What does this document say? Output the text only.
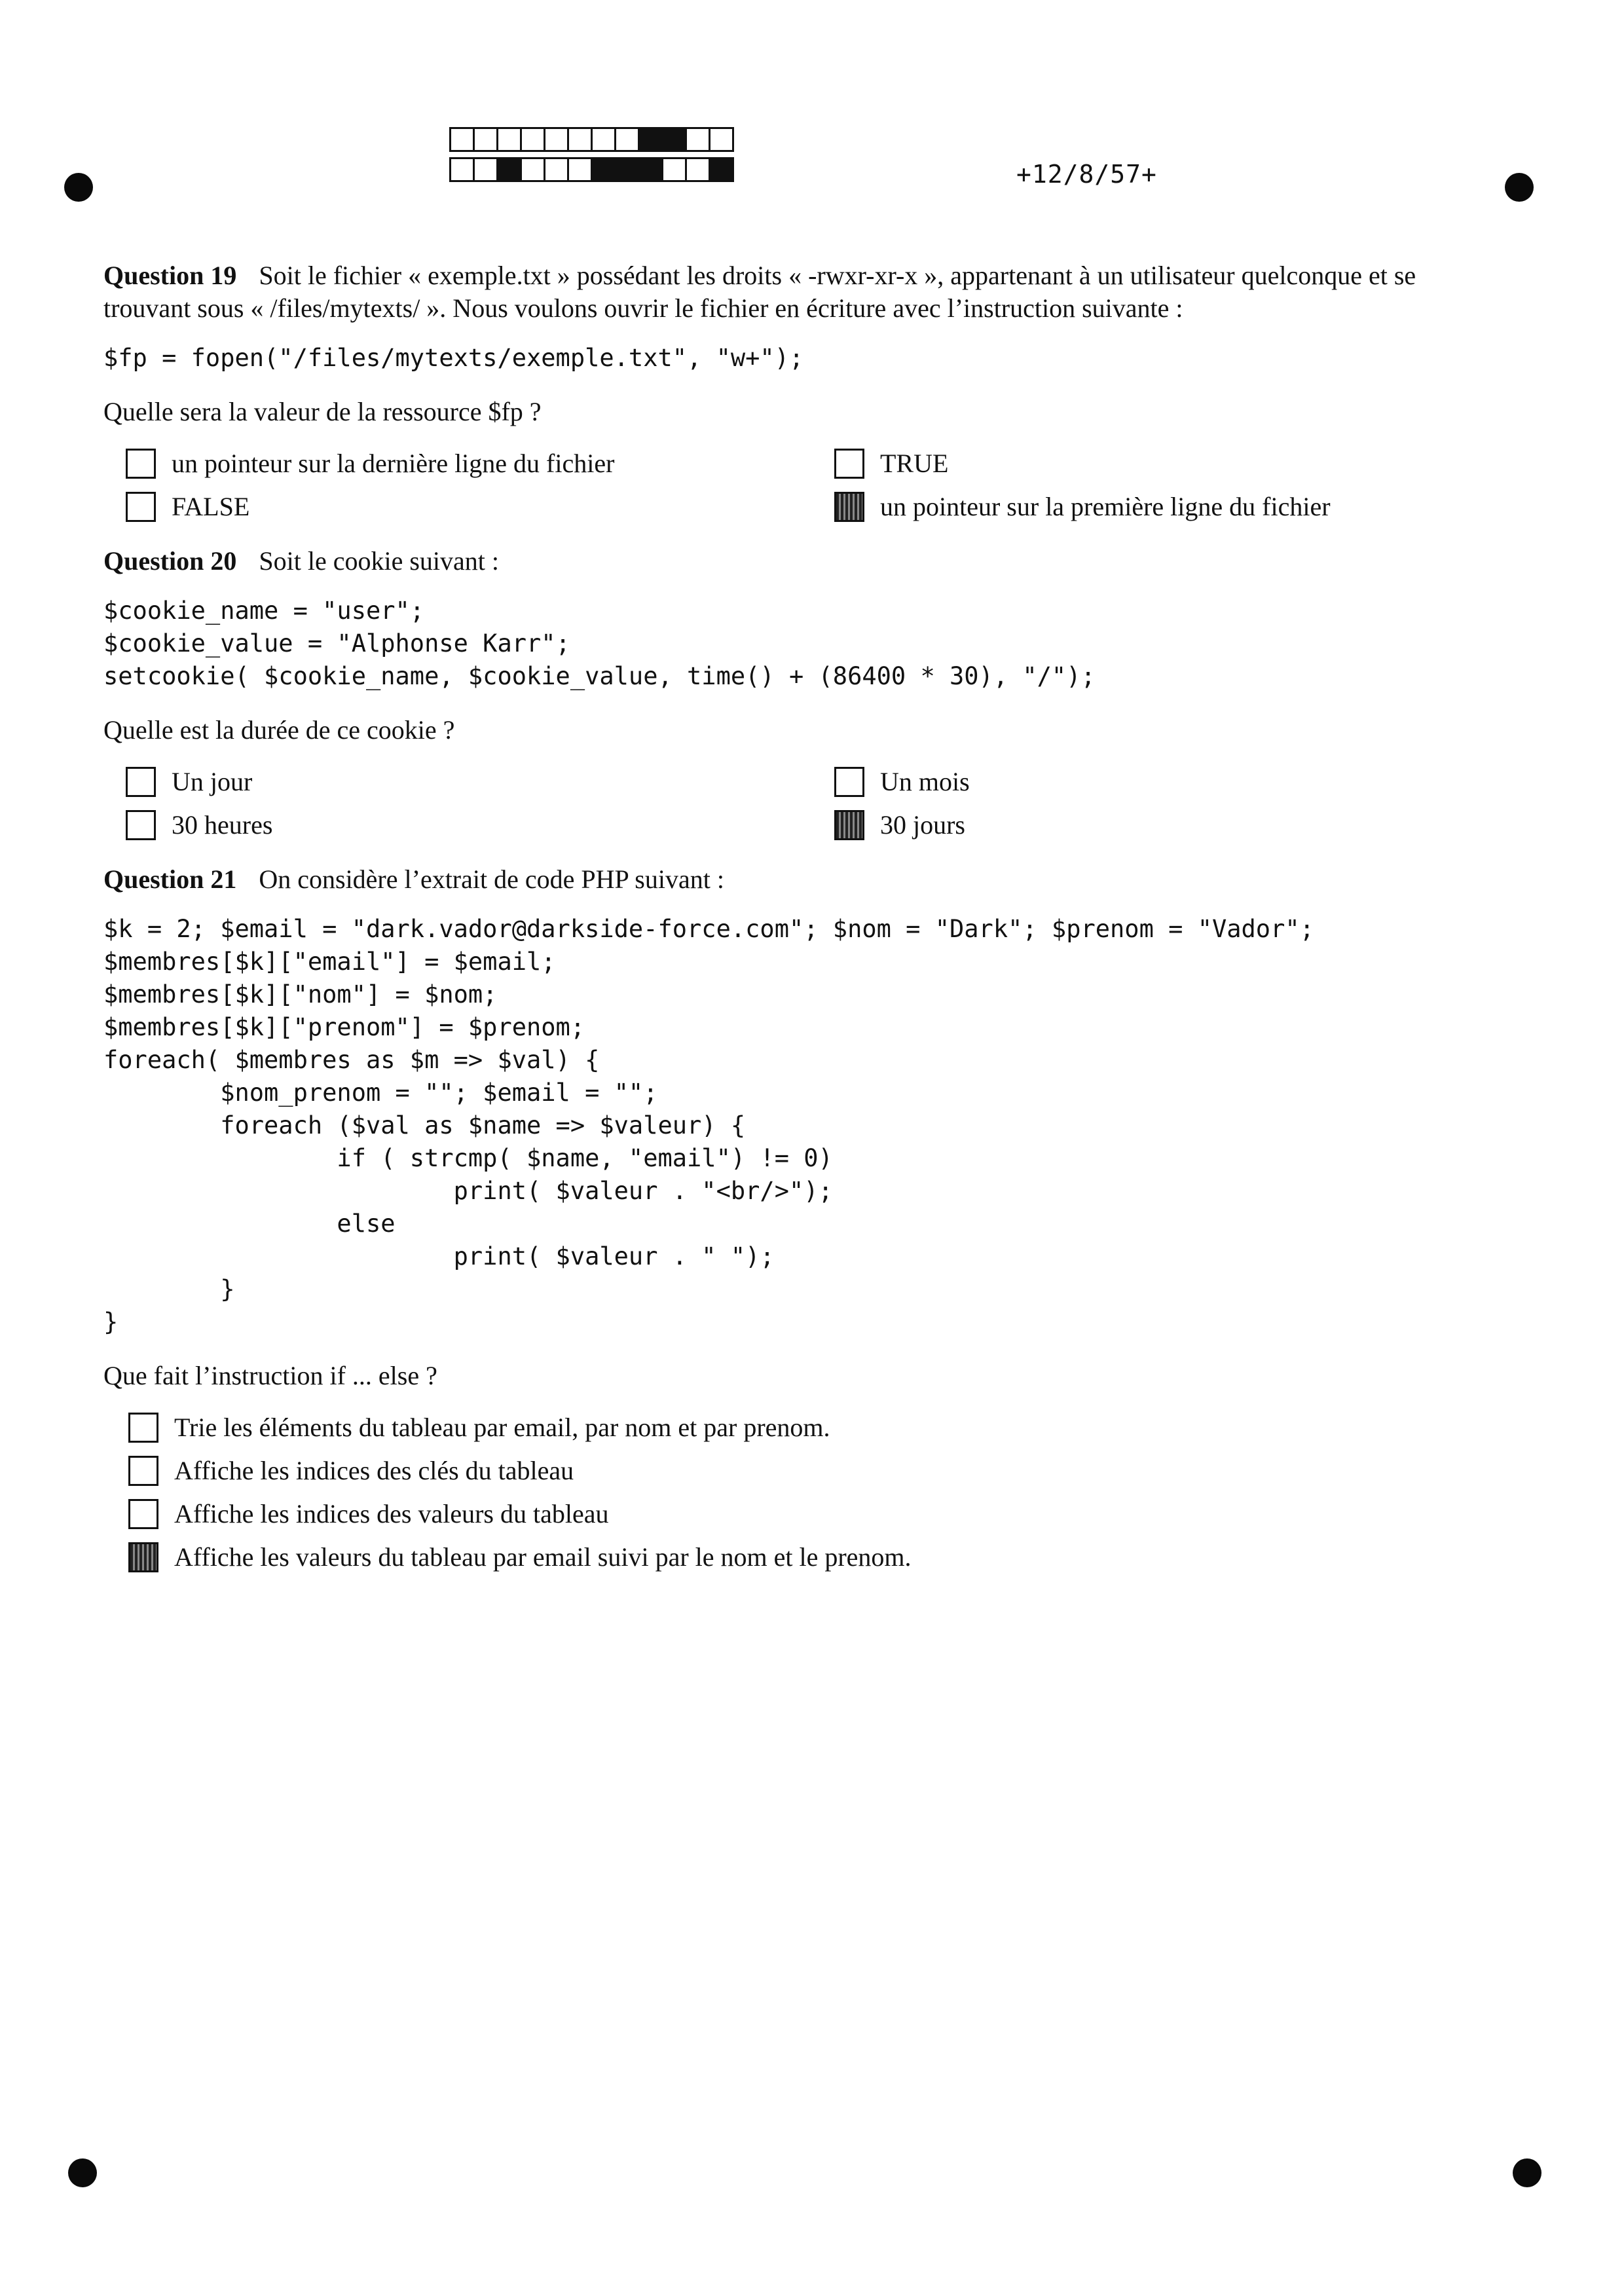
+12/8/57+

Question 19 Soit le fichier « exemple.txt » possédant les droits « -rwxr-xr-x », appartenant à un utilisateur quelconque et se trouvant sous « /files/mytexts/ ». Nous voulons ouvrir le fichier en écriture avec l’instruction suivante :

$fp = fopen("/files/mytexts/exemple.txt", "w+");

Quelle sera la valeur de la ressource $fp ?

un pointeur sur la dernière ligne du fichier	TRUE
FALSE	un pointeur sur la première ligne du fichier

Question 20 Soit le cookie suivant :

$cookie_name = "user";
$cookie_value = "Alphonse Karr";
setcookie( $cookie_name, $cookie_value, time() + (86400 * 30), "/");

Quelle est la durée de ce cookie ?

Un jour	Un mois
30 heures	30 jours

Question 21 On considère l’extrait de code PHP suivant :

$k = 2; $email = "dark.vador@darkside-force.com"; $nom = "Dark"; $prenom = "Vador";
$membres[$k]["email"] = $email;
$membres[$k]["nom"] = $nom;
$membres[$k]["prenom"] = $prenom;
foreach( $membres as $m => $val) {
$nom_prenom = ""; $email = "";
foreach ($val as $name => $valeur) {
if ( strcmp( $name, "email") != 0)
print( $valeur . "<br/>");
else
print( $valeur . " ");
}
}

Que fait l’instruction if ... else ?

Trie les éléments du tableau par email, par nom et par prenom.
Affiche les indices des clés du tableau
Affiche les indices des valeurs du tableau
Affiche les valeurs du tableau par email suivi par le nom et le prenom.
